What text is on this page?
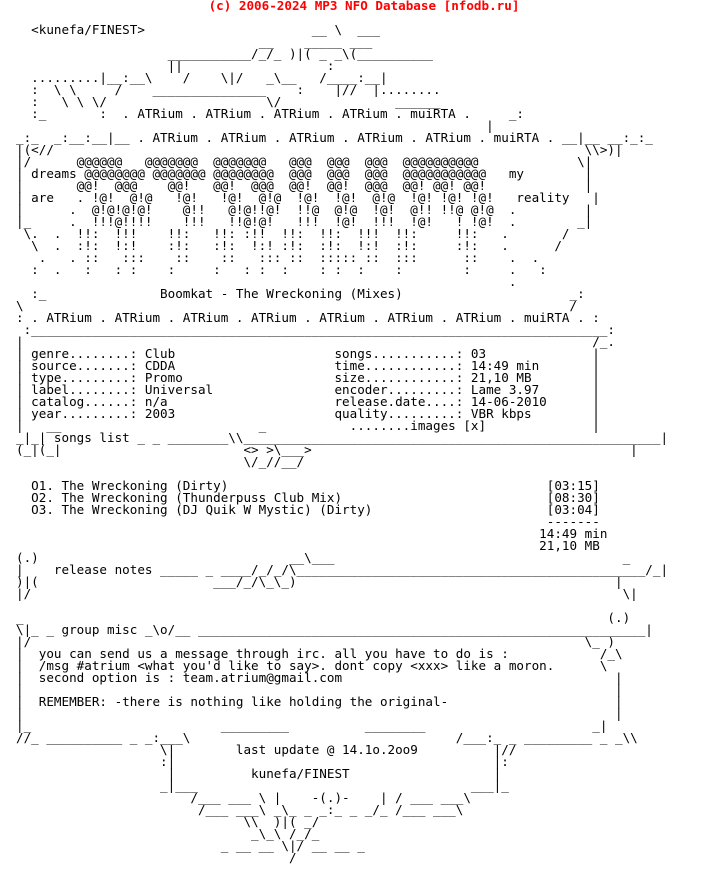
(c) 2006-2024 MP3 NFO Database [nfodb.ru]
<kunefa/FINEST>                      __ \  ___
__    _____ ___
___________/_/_ )|( _ _\(__________
||                   :
.........|__:__\    /    \|/   _\__   /____:__|
:  \ \     /    _______________    :    |//  |........
:   \ \ \/                     \/               ______
:_       :  . ATRium . ATRium . ATRium . ATRium . muiRTA .     _:
|
_:_  _:__:__|__ . ATRium . ATRium . ATRium . ATRium . ATRium . muiRTA . __|__ __:_:_
|(<//                                                                      \\>)|
|/      @@@@@@   @@@@@@@  @@@@@@@   @@@  @@@  @@@  @@@@@@@@@@             \|
| dreams @@@@@@@@ @@@@@@@ @@@@@@@@  @@@  @@@  @@@  @@@@@@@@@@@   my        |
|       @@!  @@@    @@!   @@!  @@@  @@!  @@!  @@@  @@! @@! @@!             |
| are   . !@!  @!@   !@!   !@!  @!@  !@!  !@!  @!@  !@! !@! !@!   reality   |
|      .  @!@!@!@!    @!!   @!@!!@!  !!@  @!@  !@!  @!! !!@ @!@  .         |
|_     .  !!!@!!!!    !!!   !!@!@!   !!!  !@!  !!!  !@!   ! !@!  .        _|
\.  .  !!:  !!!    !!:   !!: :!!  !!:  !!:  !!!  !!:     !!:   .       /
\  .  :!:  !:!    :!:   :!:  !:! :!:  :!:  !:!  :!:     :!:   .      /
.   . ::   :::    ::    ::   ::: ::  ::::: ::  :::      ::    .  .
:  .   :   : :    :     :   : :  :    : :  :    :        :     .   :
.
:_               Boomkat - The Wreckoning (Mixes)                      _:
\                                                                        /
: . ATRium . ATRium . ATRium . ATRium . ATRium . ATRium . ATRium . muiRTA . :
:____________________________________________________________________________:
|                                                                           /_.
| genre........: Club                     songs...........: 03              |
| source.......: CDDA                     time............: 14:49 min       |
| type.........: Promo                    size............: 21,10 MB        |
| label........: Universal                encoder.........: Lame 3.97       |
| catalog......: n/a                      release.date....: 14-06-2010      |
| year.........: 2003                     quality.........: VBR kbps        |
|   __                          _           ........images [x]              |
_|_| songs list _ _ ________\\_______________________________________________________|
(_|(_|                        <> >\___>                                          |
\/_//__/

O1. The Wreckoning (Dirty)                                          [03:15]
O2. The Wreckoning (Thunderpuss Club Mix)                           [08:30]
O3. The Wreckoning (DJ Quik W Mystic) (Dirty)                       [03:04]
-------
14:49 min
21,10 MB
(.)                                 __\___                                      _
|    release notes _____ _ ____/_/_/\______________________________________________/_|
)|(                       ___/_/\_\_)                                          |
|/                                                                              \|

_                                                                             (.)
\|_ _ group misc _\o/__ ___________________________________________________________|
|/                                                                         \_ )
|  you can send us a message through irc. all you have to do is :            /_\
|  /msg #atrium <what you'd like to say>. dont copy <xxx> like a moron.      \
|  second option is : team.atrium@gmail.com                                    |
|                                                                              |
|  REMEMBER: -there is nothing like holding the original-                      |
|                                                                              |
|_                         _________          ________                      _|
//_ __________ _ _:___\                                   /___:_ _ _________ _ _\\
\|        last update @ 14.1o.2oo9          |//
:|                                          |:
|          kunefa/FINEST                   |
_|___                                    ___|_
/___ ___ \ |    -(.)-    | / ___ ___\
/___ ___\ _\_ _ _:_ _ _/_ /___ ___\
\\  )|( _/
_\_\ /_/_
_ __ __ \|/ __ __ _
/
